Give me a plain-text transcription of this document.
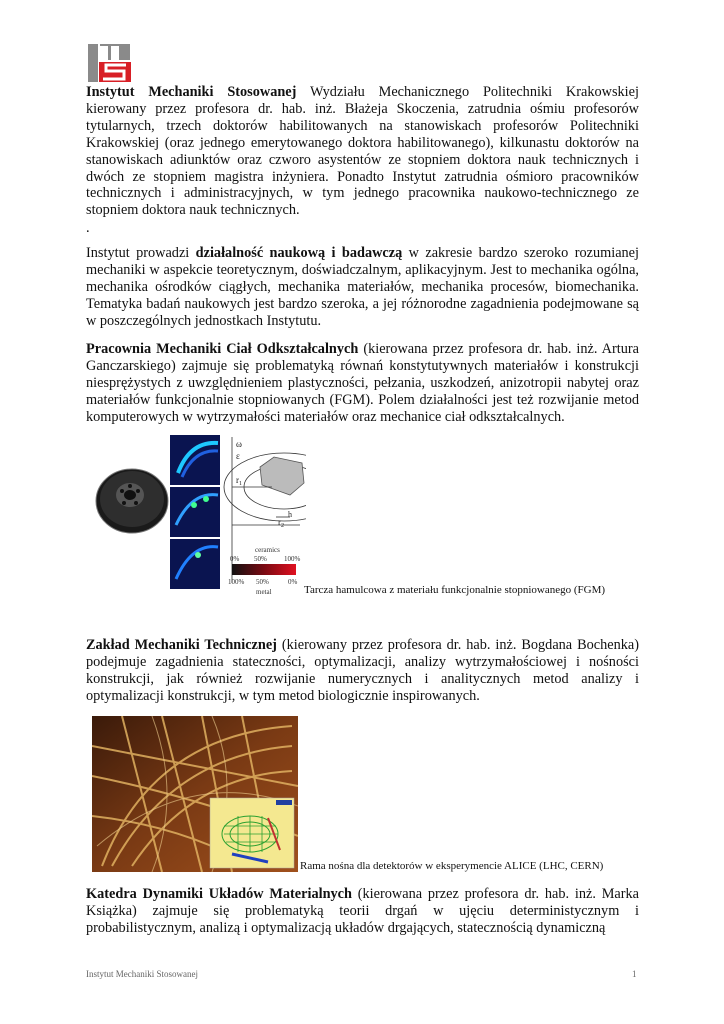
Instytut Mechaniki Stosowanej Wydziału Mechanicznego Politechniki Krakowskiej kierowany przez profesora dr. hab. inż. Błażeja Skoczenia, zatrudnia ośmiu profesorów tytularnych, trzech doktorów habilitowanych na stanowiskach profesorów Politechniki Krakowskiej (oraz jednego emerytowanego doktora habilitowanego), kilkunastu doktorów na stanowiskach adiunktów oraz czworo asystentów ze stopniem doktora nauk technicznych i dwóch ze stopniem magistra inżyniera. Ponadto Instytut zatrudnia ośmioro pracowników technicznych i administracyjnych, w tym jednego pracownika naukowo-technicznego ze stopniem doktora nauk technicznych.

.

Instytut prowadzi działalność naukową i badawczą w zakresie bardzo szeroko rozumianej mechaniki w aspekcie teoretycznym, doświadczalnym, aplikacyjnym. Jest to mechanika ogólna, mechanika ośrodków ciągłych, mechanika materiałów, mechanika procesów, biomechanika. Tematyka badań naukowych jest bardzo szeroka, a jej różnorodne zagadnienia podejmowane są w poszczególnych jednostkach Instytutu.

Pracownia Mechaniki Ciał Odkształcalnych (kierowana przez profesora dr. hab. inż. Artura Ganczarskiego) zajmuje się problematyką równań konstytutywnych materiałów i konstrukcji niesprężystych z uwzględnieniem plastyczności, pełzania, uszkodzeń, anizotropii nabytej oraz materiałów funkcjonalnie stopniowanych (FGM). Polem działalności jest też rozwijanie metod komputerowych w wytrzymałości materiałów oraz mechanice ciał odkształcalnych.

ω
ε
$r_1$
$r_2$
h
ceramics
0% 50% 100%
100% 50%	0%
metal	Tarcza hamulcowa z materiału funkcjonalnie stopniowanego (FGM)

Zakład Mechaniki Technicznej (kierowany przez profesora dr. hab. inż. Bogdana Bochenka) podejmuje zagadnienia stateczności, optymalizacji, analizy wytrzymałościowej i nośności konstrukcji, jak również rozwijanie numerycznych i analitycznych metod analizy i optymalizacji konstrukcji, w tym metod biologicznie inspirowanych.

Rama nośna dla detektorów w eksperymencie ALICE (LHC, CERN)

Katedra Dynamiki Układów Materialnych (kierowana przez profesora dr. hab. inż. Marka Książka) zajmuje się problematyką teorii drgań w ujęciu deterministycznym i probabilistycznym, analizą i optymalizacją układów drgających, statecznością dynamiczną

Instytut Mechaniki Stosowanej	1
